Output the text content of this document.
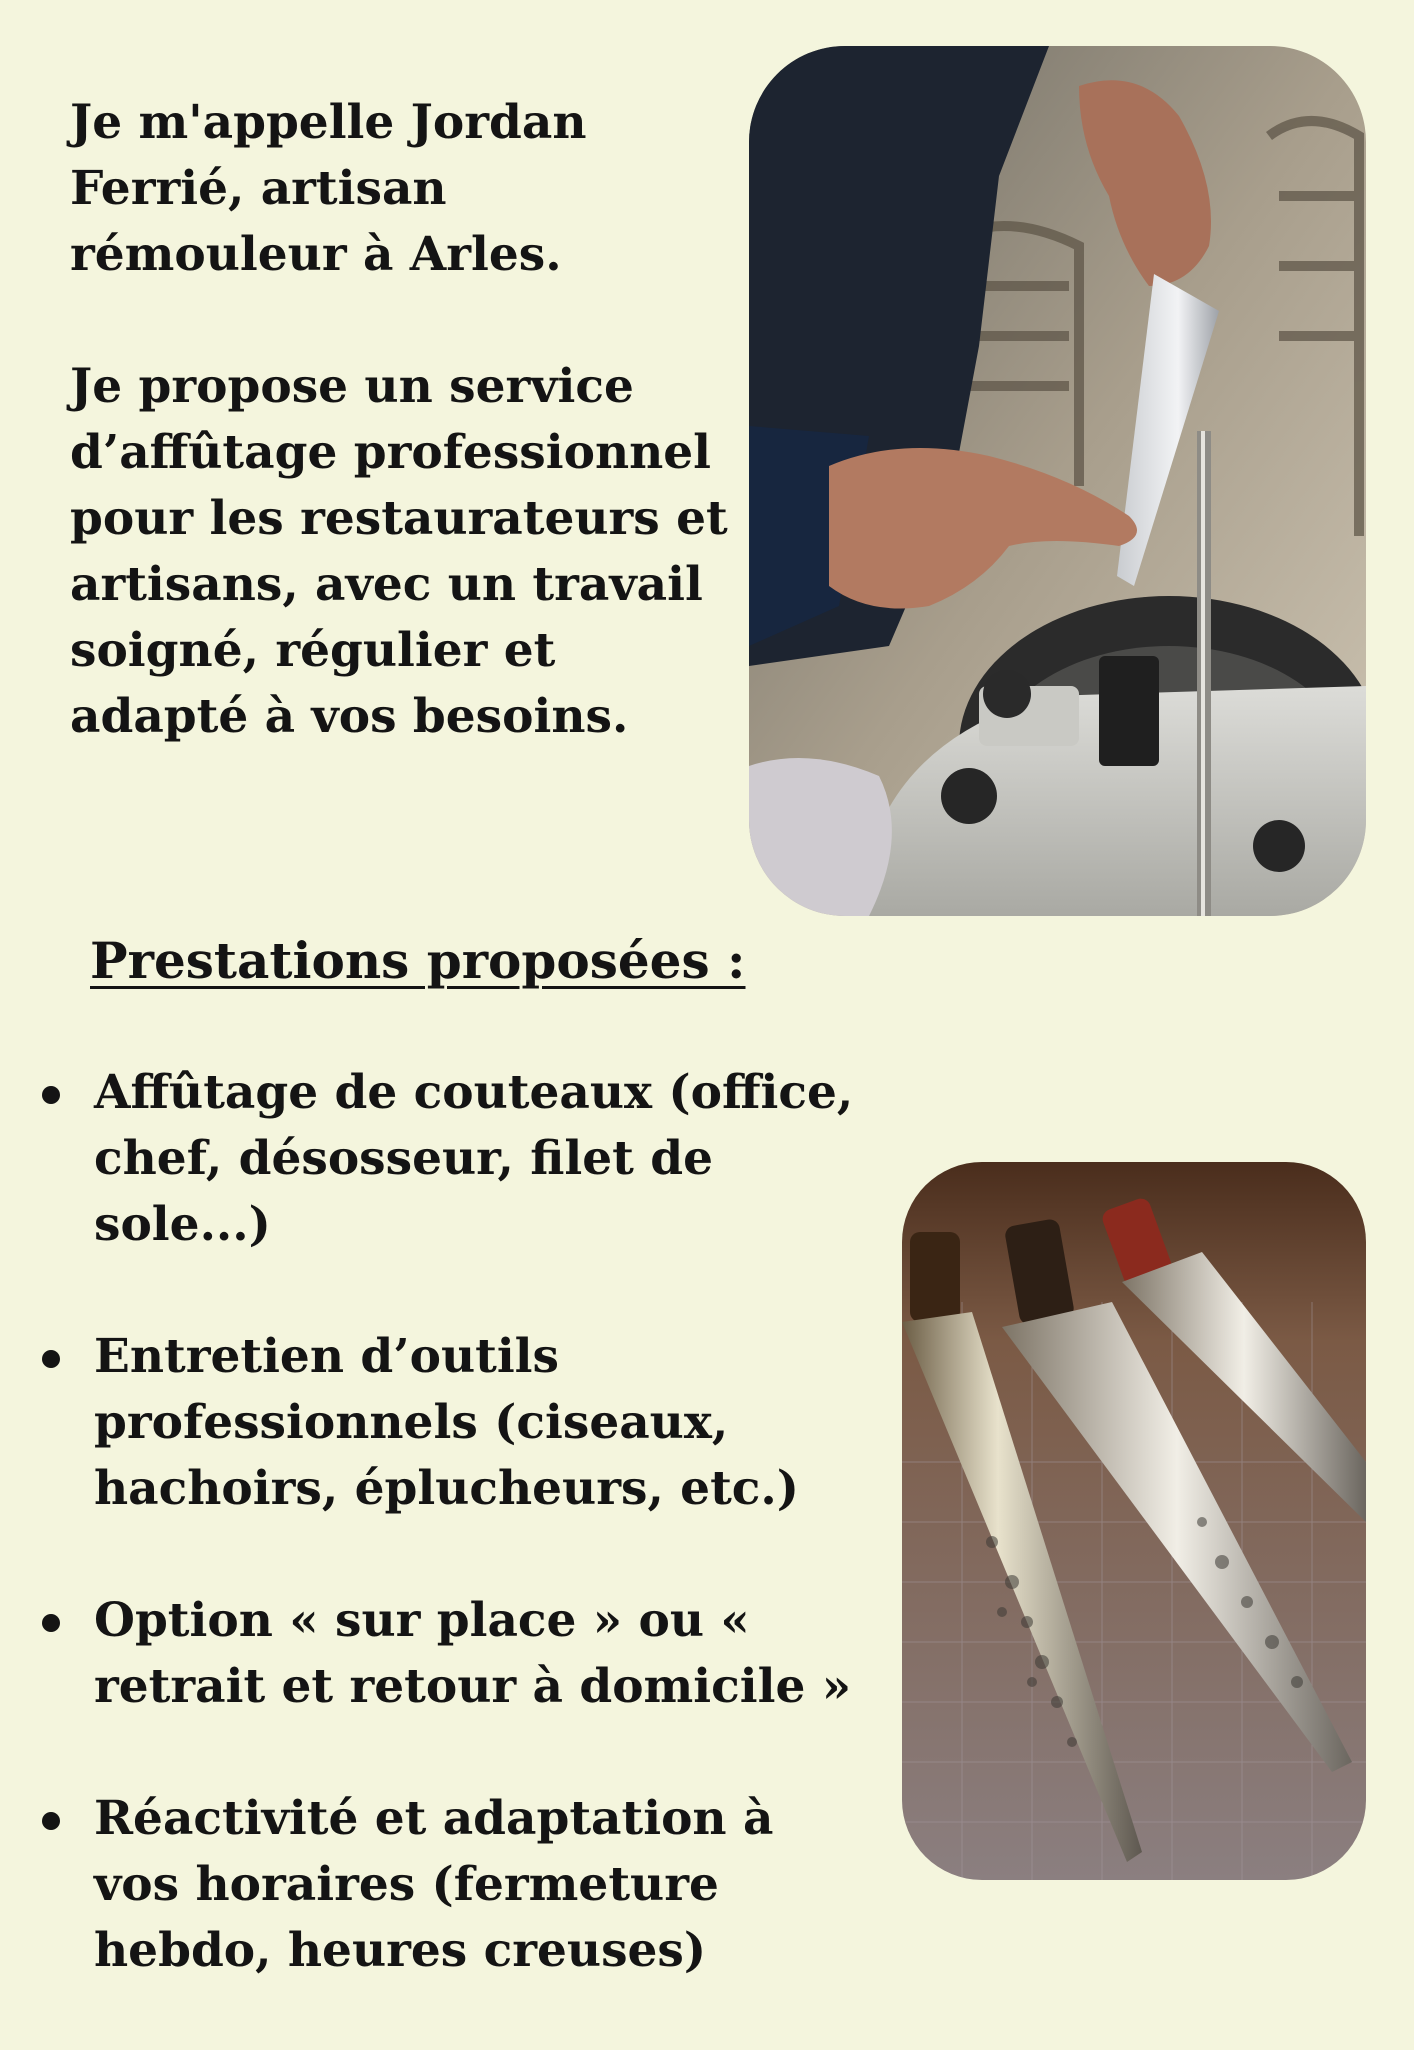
Je m'appelle Jordan Ferrié, artisan rémouleur à Arles.

Je propose un service d’affûtage professionnel pour les restaurateurs et artisans, avec un travail soigné, régulier et adapté à vos besoins.

Prestations proposées :
Affûtage de couteaux (office, chef, désosseur, filet de sole...)
Entretien d’outils professionnels (ciseaux, hachoirs, éplucheurs, etc.)
Option « sur place » ou « retrait et retour à domicile »
Réactivité et adaptation à vos horaires (fermeture hebdo, heures creuses)
